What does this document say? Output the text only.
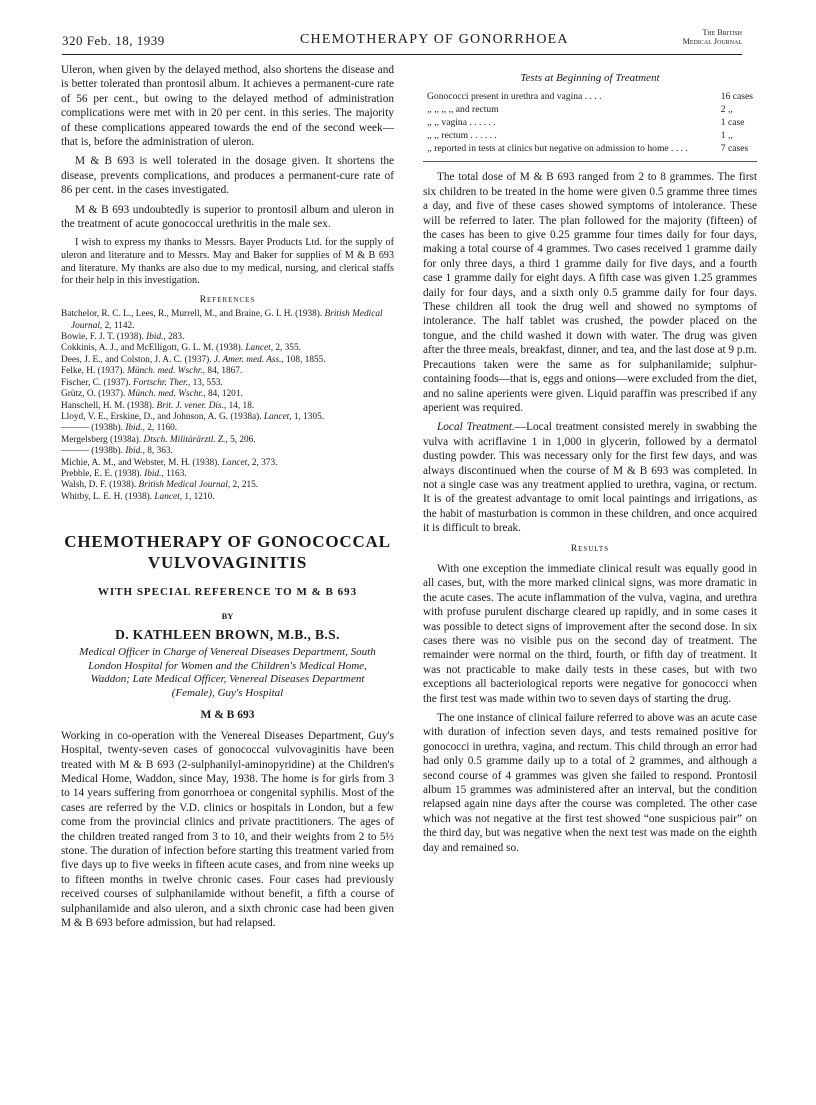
320 Feb. 18, 1939	CHEMOTHERAPY OF GONORRHOEA	The British
Medical Journal

Uleron, when given by the delayed method, also shortens the disease and is better tolerated than prontosil album. It achieves a permanent-cure rate of 56 per cent., but owing to the delayed method of administration complications were met with in 20 per cent. in this series. The majority of these complications appeared towards the end of the second week—that is, before the administration of uleron.

M & B 693 is well tolerated in the dosage given. It shortens the disease, prevents complications, and produces a permanent-cure rate of 86 per cent. in the cases investigated.

M & B 693 undoubtedly is superior to prontosil album and uleron in the treatment of acute gonococcal urethritis in the male sex.

I wish to express my thanks to Messrs. Bayer Products Ltd. for the supply of uleron and literature and to Messrs. May and Baker for supplies of M & B 693 and literature. My thanks are also due to my medical, nursing, and clerical staffs for their help in this investigation.

References
Batchelor, R. C. L., Lees, R., Murrell, M., and Braine, G. I. H. (1938). British Medical Journal, 2, 1142.
Bowie, F. J. T. (1938). Ibid., 283.
Cokkinis, A. J., and McElligott, G. L. M. (1938). Lancet, 2, 355.
Dees, J. E., and Colston, J. A. C. (1937). J. Amer. med. Ass., 108, 1855.
Felke, H. (1937). Münch. med. Wschr., 84, 1867.
Fischer, C. (1937). Fortschr. Ther., 13, 553.
Grütz, O. (1937). Münch. med. Wschr., 84, 1201.
Hanschell, H. M. (1938). Brit. J. vener. Dis., 14, 18.
Lloyd, V. E., Erskine, D., and Johnson, A. G. (1938a). Lancet, 1, 1305.
——— (1938b). Ibid., 2, 1160.
Mergelsberg (1938a). Dtsch. Militärärztl. Z., 5, 206.
——— (1938b). Ibid., 8, 363.
Michie, A. M., and Webster, M. H. (1938). Lancet, 2, 373.
Prebble, E. E. (1938). Ibid., 1163.
Walsh, D. F. (1938). British Medical Journal, 2, 215.
Whitby, L. E. H. (1938). Lancet, 1, 1210.
CHEMOTHERAPY OF GONOCOCCAL
VULVOVAGINITIS
WITH SPECIAL REFERENCE TO M & B 693
BY
D. KATHLEEN BROWN, M.B., B.S.
Medical Officer in Charge of Venereal Diseases Department, South London Hospital for Women and the Children's Medical Home, Waddon; Late Medical Officer, Venereal Diseases Department (Female), Guy's Hospital
M & B 693

Working in co-operation with the Venereal Diseases Department, Guy's Hospital, twenty-seven cases of gonococcal vulvovaginitis have been treated with M & B 693 (2-sulphanilyl-aminopyridine) at the Children's Medical Home, Waddon, since May, 1938. The home is for girls from 3 to 14 years suffering from gonorrhoea or congenital syphilis. Most of the cases are referred by the V.D. clinics or hospitals in London, but a few come from the provincial clinics and private practitioners. The ages of the children treated ranged from 3 to 10, and their weights from 2 to 5½ stone. The duration of infection before starting this treatment varied from five days up to five weeks in fifteen acute cases, and from nine weeks up to fifteen months in twelve chronic cases. Four cases had previously received courses of sulphanilamide without benefit, a fifth a course of sulphanilamide and also uleron, and a sixth chronic case had been given M & B 693 before admission, but had relapsed.

Tests at Beginning of Treatment
Gonococci present in urethra and vagina . . . .	16 cases
,, ,, ,, ,, and rectum	2 ,,
,, ,, vagina . . . . . .	1 case
,, ,, rectum . . . . . .	1 ,,
,, reported in tests at clinics but negative on admission to home . . . .	7 cases

The total dose of M & B 693 ranged from 2 to 8 grammes. The first six children to be treated in the home were given 0.5 gramme three times a day, and five of these cases showed symptoms of intolerance. These will be referred to later. The plan followed for the majority (fifteen) of the cases has been to give 0.25 gramme four times daily for four days, making a total course of 4 grammes. Two cases received 1 gramme daily for only three days, a third 1 gramme daily for five days, and a fourth case 1 gramme daily for eight days. A fifth case was given 1.25 grammes daily for four days, and a sixth only 0.5 gramme daily for four days. These children all took the drug well and showed no symptoms of intolerance. The half tablet was crushed, the powder placed on the tongue, and the child washed it down with water. The drug was given after the three meals, breakfast, dinner, and tea, and the last dose at 9 p.m. Precautions taken were the same as for sulphanilamide; sulphur-containing foods—that is, eggs and onions—were excluded from the diet, and no saline aperients were given. Liquid paraffin was prescribed if any aperient was required.

Local Treatment.—Local treatment consisted merely in swabbing the vulva with acriflavine 1 in 1,000 in glycerin, followed by a dermatol dusting powder. This was necessary only for the first few days, and was always discontinued when the course of M & B 693 was completed. In not a single case was any treatment applied to urethra, vagina, or rectum. It is of the greatest advantage to omit local paintings and irrigations, as the habit of masturbation is common in these children, and once acquired it is difficult to break.

Results

With one exception the immediate clinical result was equally good in all cases, but, with the more marked clinical signs, was more dramatic in the acute cases. The acute inflammation of the vulva, vagina, and urethra with profuse purulent discharge cleared up rapidly, and in some cases it was possible to detect signs of improvement after the second dose. In six cases there was no visible pus on the second day of treatment. The remainder were normal on the third, fourth, or fifth day of treatment. It was not practicable to make daily tests in these cases, but with two exceptions all bacteriological reports were negative for gonococci when the first test was made within two to seven days of starting the drug.

The one instance of clinical failure referred to above was an acute case with duration of infection seven days, and tests remained positive for gonococci in urethra, vagina, and rectum. This child through an error had had only 0.5 gramme daily up to a total of 2 grammes, and although a second course of 4 grammes was given she failed to respond. Prontosil album 15 grammes was administered after an interval, but the condition relapsed again nine days after the course was completed. The other case which was not negative at the first test showed “one suspicious pair” on the third day, but was negative when the next test was made on the eighth day and remained so.
